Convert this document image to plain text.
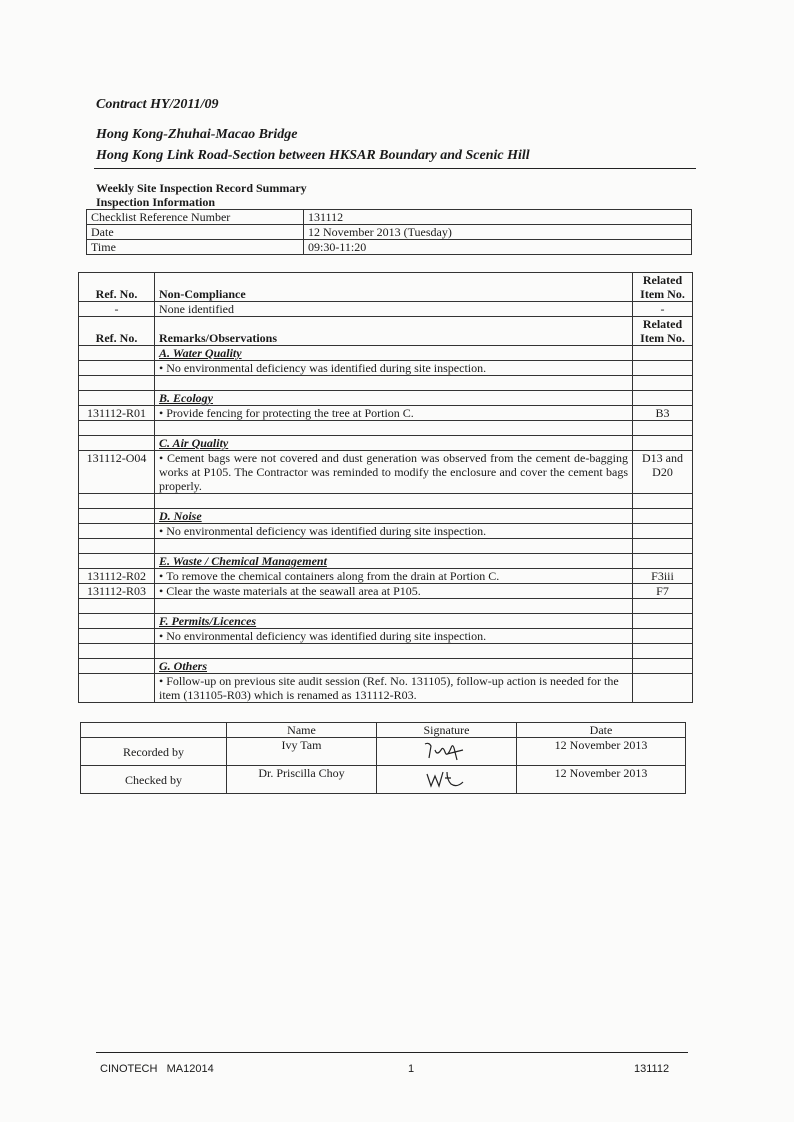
Contract HY/2011/09
Hong Kong-Zhuhai-Macao Bridge
Hong Kong Link Road-Section between HKSAR Boundary and Scenic Hill
Weekly Site Inspection Record Summary
Inspection Information
Checklist Reference Number	131112
Date	12 November 2013 (Tuesday)
Time	09:30-11:20
Ref. No.	Non-Compliance	Related Item No.
-	None identified	-
Ref. No.	Remarks/Observations	Related Item No.
	A. Water Quality	
	• No environmental deficiency was identified during site inspection.	

	B. Ecology	
131112-R01	• Provide fencing for protecting the tree at Portion C.	B3

	C. Air Quality	
131112-O04	• Cement bags were not covered and dust generation was observed from the cement de-bagging works at P105. The Contractor was reminded to modify the enclosure and cover the cement bags properly.	D13 and D20

	D. Noise	
	• No environmental deficiency was identified during site inspection.	

	E. Waste / Chemical Management	
131112-R02	• To remove the chemical containers along from the drain at Portion C.	F3iii
131112-R03	• Clear the waste materials at the seawall area at P105.	F7

	F. Permits/Licences	
	• No environmental deficiency was identified during site inspection.	

	G. Others	
	• Follow-up on previous site audit session (Ref. No. 131105), follow-up action is needed for the item (131105-R03) which is renamed as 131112-R03.	
	Name	Signature	Date
Recorded by	Ivy Tam		12 November 2013
Checked by	Dr. Priscilla Choy		12 November 2013
CINOTECH MA12014	1	131112
